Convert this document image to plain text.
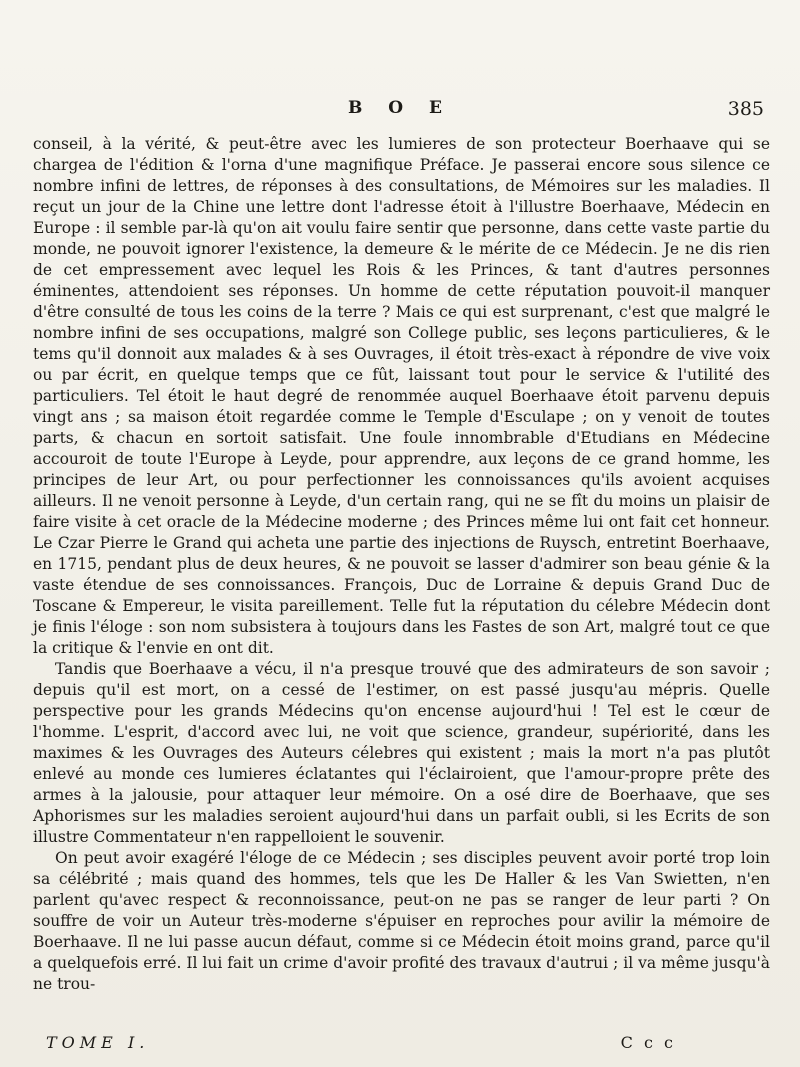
B O E	385

conseil, à la vérité, & peut-être avec les lumieres de son protecteur Boerhaave qui se chargea de l'édition & l'orna d'une magnifique Préface. Je passerai encore sous silence ce nombre infini de lettres, de réponses à des consultations, de Mémoires sur les maladies. Il reçut un jour de la Chine une lettre dont l'adresse étoit à l'illustre Boerhaave, Médecin en Europe : il semble par-là qu'on ait voulu faire sentir que personne, dans cette vaste partie du monde, ne pouvoit ignorer l'existence, la demeure & le mérite de ce Médecin. Je ne dis rien de cet empressement avec lequel les Rois & les Princes, & tant d'autres personnes éminentes, attendoient ses réponses. Un homme de cette réputation pouvoit-il manquer d'être consulté de tous les coins de la terre ? Mais ce qui est surprenant, c'est que malgré le nombre infini de ses occupations, malgré son College public, ses leçons particulieres, & le tems qu'il donnoit aux malades & à ses Ouvrages, il étoit très-exact à répondre de vive voix ou par écrit, en quelque temps que ce fût, laissant tout pour le service & l'utilité des particuliers. Tel étoit le haut degré de renommée auquel Boerhaave étoit parvenu depuis vingt ans ; sa maison étoit regardée comme le Temple d'Esculape ; on y venoit de toutes parts, & chacun en sortoit satisfait. Une foule innombrable d'Etudians en Médecine accouroit de toute l'Europe à Leyde, pour apprendre, aux leçons de ce grand homme, les principes de leur Art, ou pour perfectionner les connoissances qu'ils avoient acquises ailleurs. Il ne venoit personne à Leyde, d'un certain rang, qui ne se fît du moins un plaisir de faire visite à cet oracle de la Médecine moderne ; des Princes même lui ont fait cet honneur. Le Czar Pierre le Grand qui acheta une partie des injections de Ruysch, entretint Boerhaave, en 1715, pendant plus de deux heures, & ne pouvoit se lasser d'admirer son beau génie & la vaste étendue de ses connoissances. François, Duc de Lorraine & depuis Grand Duc de Toscane & Empereur, le visita pareillement. Telle fut la réputation du célebre Médecin dont je finis l'éloge : son nom subsistera à toujours dans les Fastes de son Art, malgré tout ce que la critique & l'envie en ont dit.

Tandis que Boerhaave a vécu, il n'a presque trouvé que des admirateurs de son savoir ; depuis qu'il est mort, on a cessé de l'estimer, on est passé jusqu'au mépris. Quelle perspective pour les grands Médecins qu'on encense aujourd'hui ! Tel est le cœur de l'homme. L'esprit, d'accord avec lui, ne voit que science, grandeur, supériorité, dans les maximes & les Ouvrages des Auteurs célebres qui existent ; mais la mort n'a pas plutôt enlevé au monde ces lumieres éclatantes qui l'éclairoient, que l'amour-propre prête des armes à la jalousie, pour attaquer leur mémoire. On a osé dire de Boerhaave, que ses Aphorismes sur les maladies seroient aujourd'hui dans un parfait oubli, si les Ecrits de son illustre Commentateur n'en rappelloient le souvenir.

On peut avoir exagéré l'éloge de ce Médecin ; ses disciples peuvent avoir porté trop loin sa célébrité ; mais quand des hommes, tels que les De Haller & les Van Swietten, n'en parlent qu'avec respect & reconnoissance, peut-on ne pas se ranger de leur parti ? On souffre de voir un Auteur très-moderne s'épuiser en reproches pour avilir la mémoire de Boerhaave. Il ne lui passe aucun défaut, comme si ce Médecin étoit moins grand, parce qu'il a quelquefois erré. Il lui fait un crime d'avoir profité des travaux d'autrui ; il va même jusqu'à ne trou-

TOME I.	C c c
